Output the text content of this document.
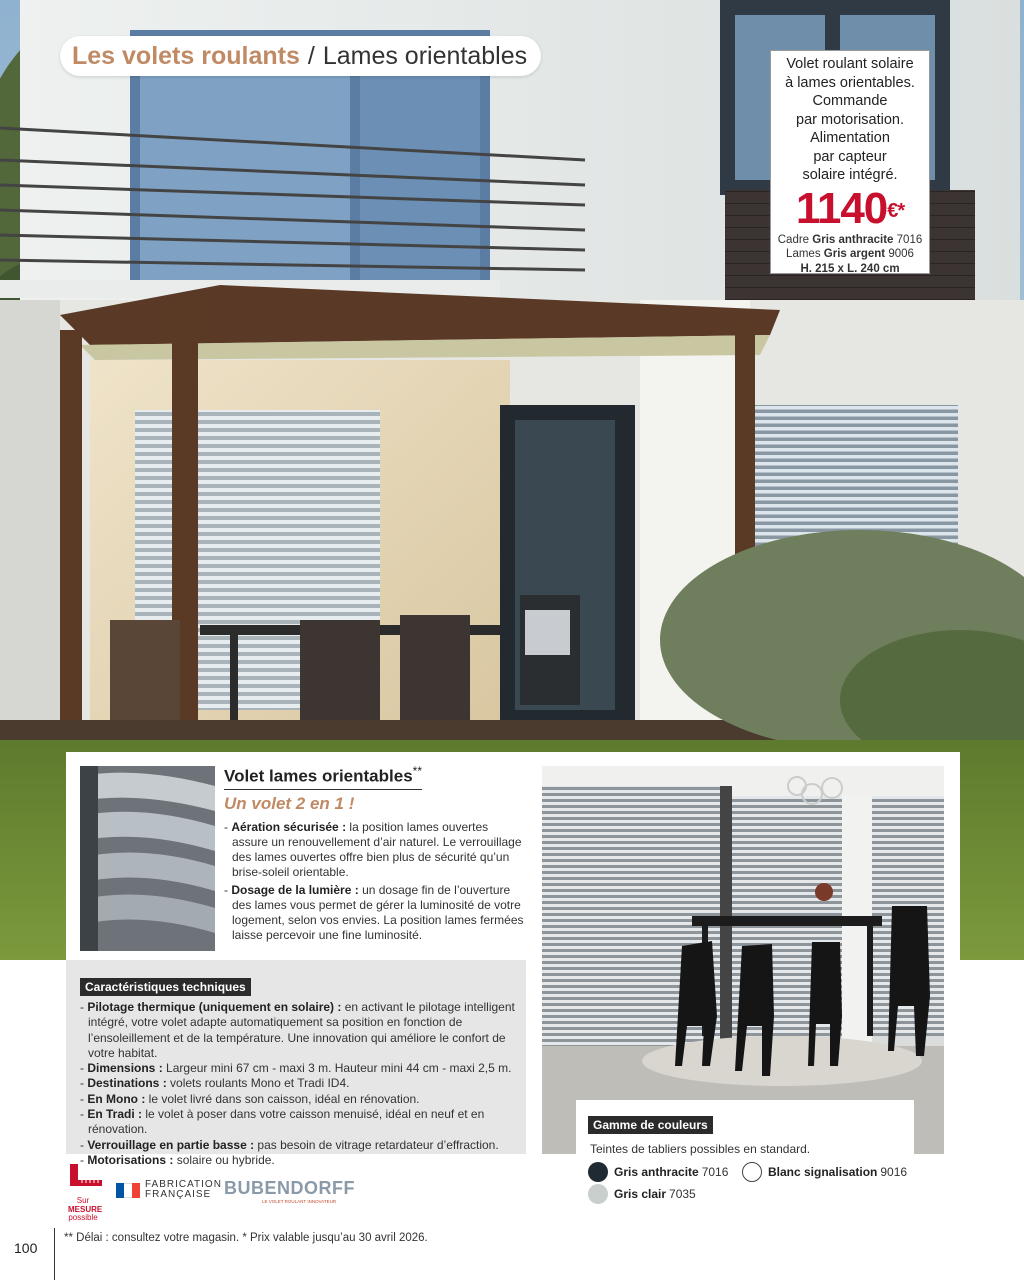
Les volets roulants / Lames orientables	Volet roulant solaire
à lames orientables.
Commande
par motorisation.
Alimentation
par capteur
solaire intégré.
1140€*
Cadre Gris anthracite 7016
Lames Gris argent 9006
H. 215 x L. 240 cm
Volet lames orientables**
Un volet 2 en 1 !
- Aération sécurisée : la position lames ouvertes assure un renouvellement d’air naturel. Le verrouillage des lames ouvertes offre bien plus de sécurité qu’un brise-soleil orientable.
- Dosage de la lumière : un dosage fin de l’ouverture des lames vous permet de gérer la luminosité de votre logement, selon vos envies. La position lames fermées laisse percevoir une fine luminosité.
Caractéristiques techniques
- Pilotage thermique (uniquement en solaire) : en activant le pilotage intelligent intégré, votre volet adapte automatiquement sa position en fonction de l’ensoleillement et de la température. Une innovation qui améliore le confort de votre habitat.
- Dimensions : Largeur mini 67 cm - maxi 3 m. Hauteur mini 44 cm - maxi 2,5 m.
- Destinations : volets roulants Mono et Tradi ID4.
- En Mono : le volet livré dans son caisson, idéal en rénovation.
- En Tradi : le volet à poser dans votre caisson menuisé, idéal en neuf et en rénovation.
- Verrouillage en partie basse : pas besoin de vitrage retardateur d’effraction.
- Motorisations : solaire ou hybride.
Gamme de couleurs
Teintes de tabliers possibles en standard.
Gris anthracite 7016	Blanc signalisation 9016
Gris clair 7035
Sur
MESURE
possible
FABRICATION
FRANÇAISE BUBENDORFF
LE VOLET ROULANT INNOVATEUR
100
** Délai : consultez votre magasin. * Prix valable jusqu’au 30 avril 2026.
